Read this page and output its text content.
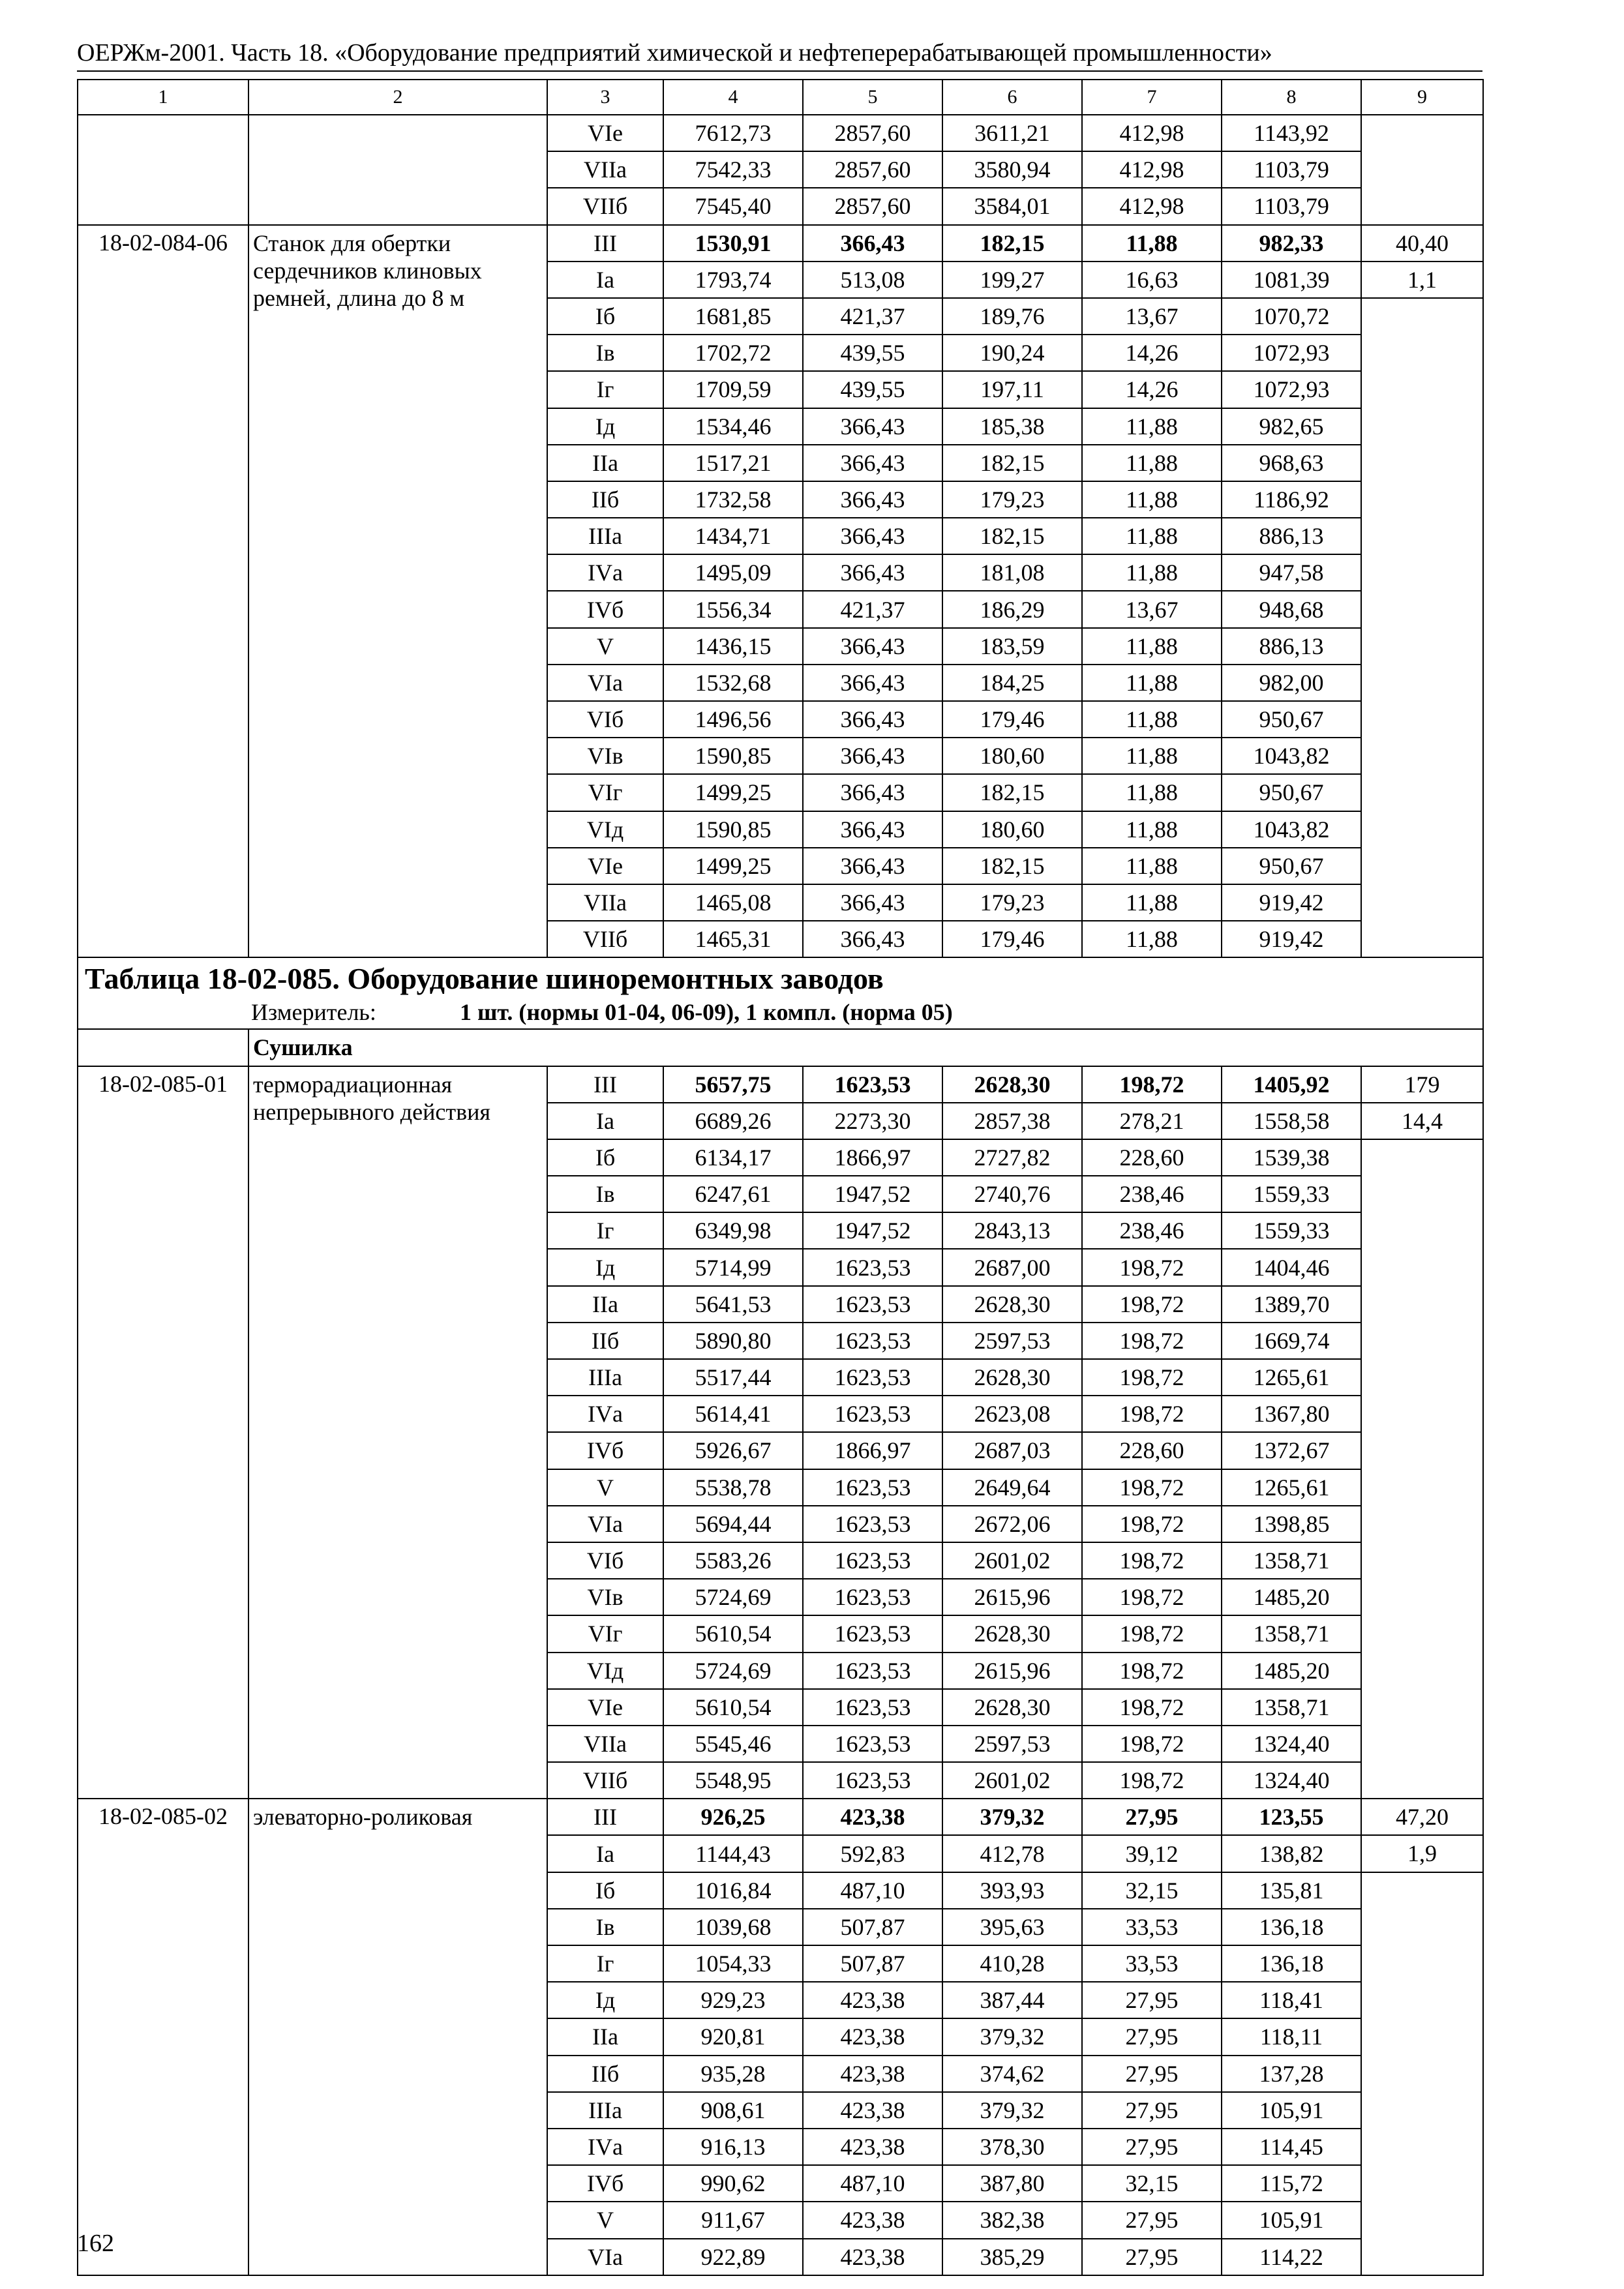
ОЕРЖм-2001. Часть 18. «Оборудование предприятий химической и нефтеперерабатывающей промышленности»
1	2	3	4	5	6	7	8	9
		VIе	7612,73	2857,60	3611,21	412,98	1143,92	
		VIIа	7542,33	2857,60	3580,94	412,98	1103,79	
		VIIб	7545,40	2857,60	3584,01	412,98	1103,79	
18-02-084-06	Станок для обертки сердечников клиновых ремней, длина до 8 м	III	1530,91	366,43	182,15	11,88	982,33	40,40
		Iа	1793,74	513,08	199,27	16,63	1081,39	1,1
		Iб	1681,85	421,37	189,76	13,67	1070,72	
		Iв	1702,72	439,55	190,24	14,26	1072,93	
		Iг	1709,59	439,55	197,11	14,26	1072,93	
		Iд	1534,46	366,43	185,38	11,88	982,65	
		IIа	1517,21	366,43	182,15	11,88	968,63	
		IIб	1732,58	366,43	179,23	11,88	1186,92	
		IIIа	1434,71	366,43	182,15	11,88	886,13	
		IVа	1495,09	366,43	181,08	11,88	947,58	
		IVб	1556,34	421,37	186,29	13,67	948,68	
		V	1436,15	366,43	183,59	11,88	886,13	
		VIа	1532,68	366,43	184,25	11,88	982,00	
		VIб	1496,56	366,43	179,46	11,88	950,67	
		VIв	1590,85	366,43	180,60	11,88	1043,82	
		VIг	1499,25	366,43	182,15	11,88	950,67	
		VIд	1590,85	366,43	180,60	11,88	1043,82	
		VIе	1499,25	366,43	182,15	11,88	950,67	
		VIIа	1465,08	366,43	179,23	11,88	919,42	
		VIIб	1465,31	366,43	179,46	11,88	919,42	

Таблица 18-02-085. Оборудование шиноремонтных заводов
Измеритель: 1 шт. (нормы 01-04, 06-09), 1 компл. (норма 05)								

	Сушилка							
18-02-085-01	терморадиационная непрерывного действия	III	5657,75	1623,53	2628,30	198,72	1405,92	179
		Iа	6689,26	2273,30	2857,38	278,21	1558,58	14,4
		Iб	6134,17	1866,97	2727,82	228,60	1539,38	
		Iв	6247,61	1947,52	2740,76	238,46	1559,33	
		Iг	6349,98	1947,52	2843,13	238,46	1559,33	
		Iд	5714,99	1623,53	2687,00	198,72	1404,46	
		IIа	5641,53	1623,53	2628,30	198,72	1389,70	
		IIб	5890,80	1623,53	2597,53	198,72	1669,74	
		IIIа	5517,44	1623,53	2628,30	198,72	1265,61	
		IVа	5614,41	1623,53	2623,08	198,72	1367,80	
		IVб	5926,67	1866,97	2687,03	228,60	1372,67	
		V	5538,78	1623,53	2649,64	198,72	1265,61	
		VIа	5694,44	1623,53	2672,06	198,72	1398,85	
		VIб	5583,26	1623,53	2601,02	198,72	1358,71	
		VIв	5724,69	1623,53	2615,96	198,72	1485,20	
		VIг	5610,54	1623,53	2628,30	198,72	1358,71	
		VIд	5724,69	1623,53	2615,96	198,72	1485,20	
		VIе	5610,54	1623,53	2628,30	198,72	1358,71	
		VIIа	5545,46	1623,53	2597,53	198,72	1324,40	
		VIIб	5548,95	1623,53	2601,02	198,72	1324,40	
18-02-085-02	элеваторно-роликовая	III	926,25	423,38	379,32	27,95	123,55	47,20
		Iа	1144,43	592,83	412,78	39,12	138,82	1,9
		Iб	1016,84	487,10	393,93	32,15	135,81	
		Iв	1039,68	507,87	395,63	33,53	136,18	
		Iг	1054,33	507,87	410,28	33,53	136,18	
		Iд	929,23	423,38	387,44	27,95	118,41	
		IIа	920,81	423,38	379,32	27,95	118,11	
		IIб	935,28	423,38	374,62	27,95	137,28	
		IIIа	908,61	423,38	379,32	27,95	105,91	
		IVа	916,13	423,38	378,30	27,95	114,45	
		IVб	990,62	487,10	387,80	32,15	115,72	
		V	911,67	423,38	382,38	27,95	105,91	
		VIа	922,89	423,38	385,29	27,95	114,22	
162
